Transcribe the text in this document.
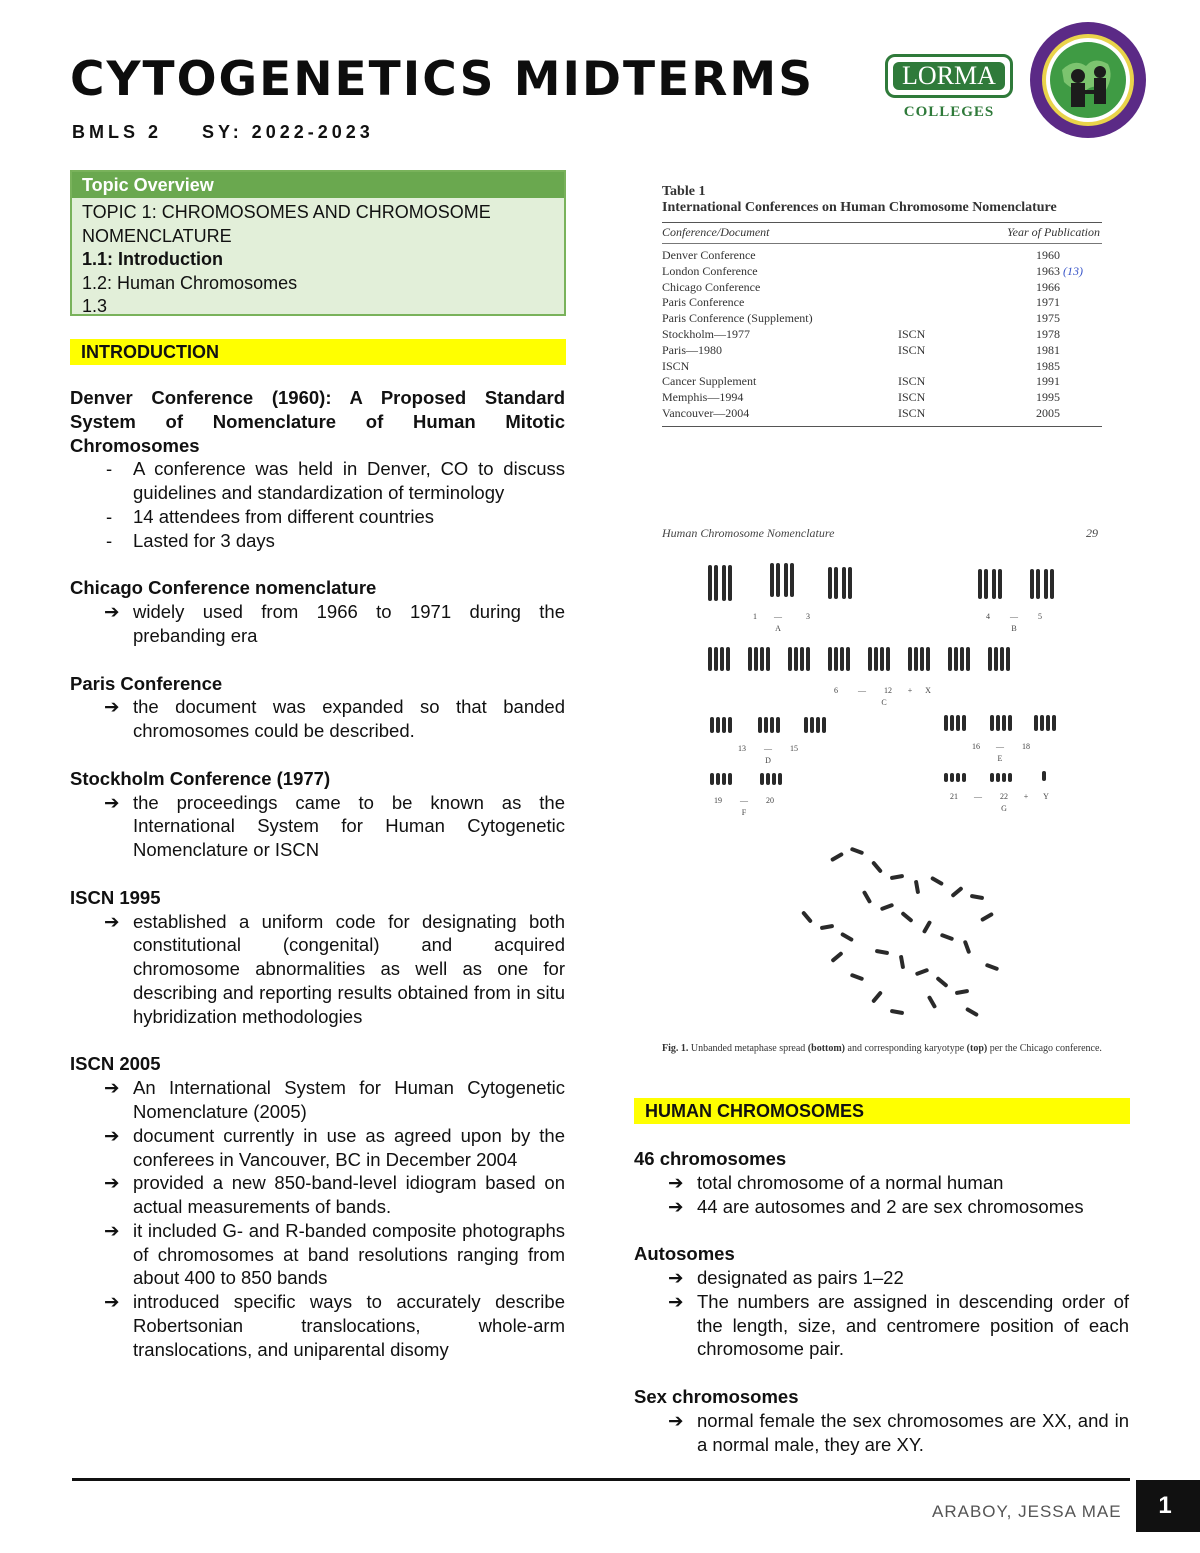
CYTOGENETICS MIDTERMS
BMLS 2 SY: 2022-2023
LORMA
COLLEGES
Topic Overview
TOPIC 1: CHROMOSOMES AND CHROMOSOME
NOMENCLATURE
1.1: Introduction
1.2: Human Chromosomes
1.3
INTRODUCTION
Denver Conference (1960): A Proposed Standard System of Nomenclature of Human Mitotic Chromosomes
- A conference was held in Denver, CO to discuss guidelines and standardization of terminology
- 14 attendees from different countries
- Lasted for 3 days
Chicago Conference nomenclature
➔ widely used from 1966 to 1971 during the prebanding era
Paris Conference
➔ the document was expanded so that banded chromosomes could be described.
Stockholm Conference (1977)
➔ the proceedings came to be known as the International System for Human Cytogenetic Nomenclature or ISCN
ISCN 1995
➔ established a uniform code for designating both constitutional (congenital) and acquired chromosome abnormalities as well as one for describing and reporting results obtained from in situ hybridization methodologies
ISCN 2005
➔ An International System for Human Cytogenetic Nomenclature (2005)
➔ document currently in use as agreed upon by the conferees in Vancouver, BC in December 2004
➔ provided a new 850-band-level idiogram based on actual measurements of bands.
➔ it included G- and R-banded composite photographs of chromosomes at band resolutions ranging from about 400 to 850 bands
➔ introduced specific ways to accurately describe Robertsonian translocations, whole-arm translocations, and uniparental disomy
Table 1
International Conferences on Human Chromosome Nomenclature
Conference/Document	Year of Publication
Denver Conference	1960
London Conference	1963 (13)
Chicago Conference	1966
Paris Conference	1971
Paris Conference (Supplement)	1975
Stockholm—1977	ISCN	1978
Paris—1980	ISCN	1981
ISCN	1985
Cancer Supplement	ISCN	1991
Memphis—1994	ISCN	1995
Vancouver—2004	ISCN	2005
Human Chromosome Nomenclature	29
1 —	3	4	—	5
A	B
6	— 12 + X
C
13 — 15	16 — 18
D	E
19 — 20	21 — 22 + Y
F	G
Fig. 1. Unbanded metaphase spread (bottom) and corresponding karyotype (top) per the Chicago conference.
HUMAN CHROMOSOMES
46 chromosomes
➔ total chromosome of a normal human
➔ 44 are autosomes and 2 are sex chromosomes
Autosomes
➔ designated as pairs 1–22
➔ The numbers are assigned in descending order of the length, size, and centromere position of each chromosome pair.
Sex chromosomes
➔ normal female the sex chromosomes are XX, and in a normal male, they are XY.
ARABOY, JESSA MAE	1
